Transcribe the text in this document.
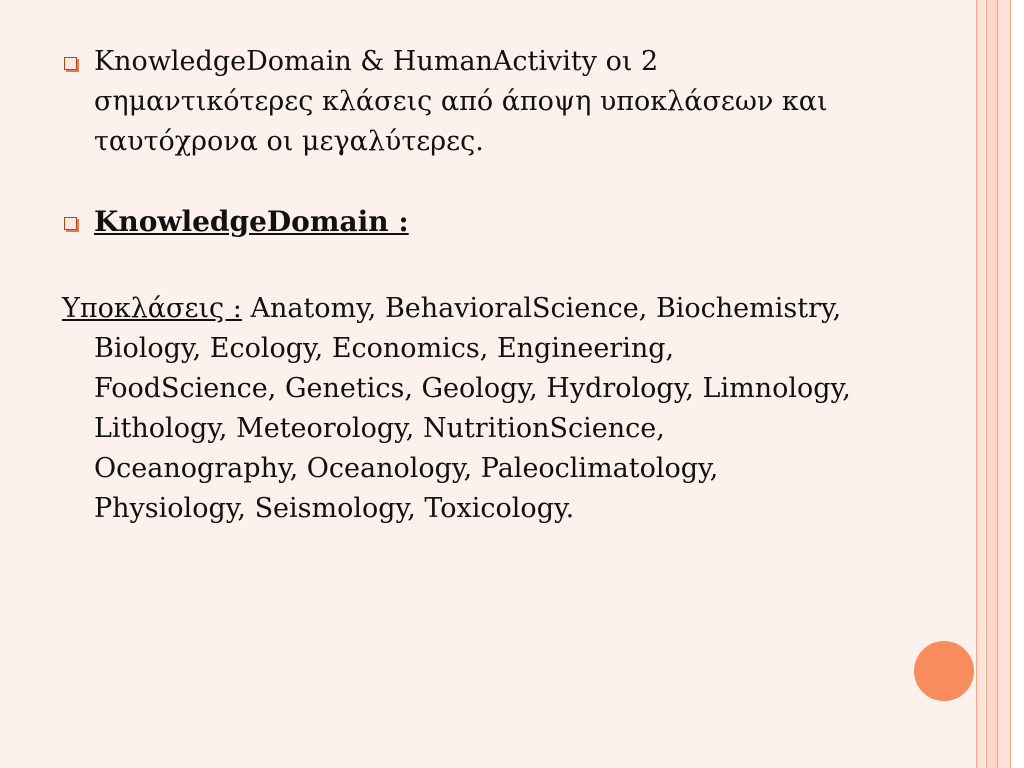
KnowledgeDomain & HumanActivity οι 2 σημαντικότερες κλάσεις από άποψη υποκλάσεων και ταυτόχρονα οι μεγαλύτερες.
KnowledgeDomain :
Υποκλάσεις : Anatomy, BehavioralScience, Biochemistry, Biology, Ecology, Economics, Engineering, FoodScience, Genetics, Geology, Hydrology, Limnology, Lithology, Meteorology, NutritionScience, Oceanography, Oceanology, Paleoclimatology, Physiology, Seismology, Toxicology.
